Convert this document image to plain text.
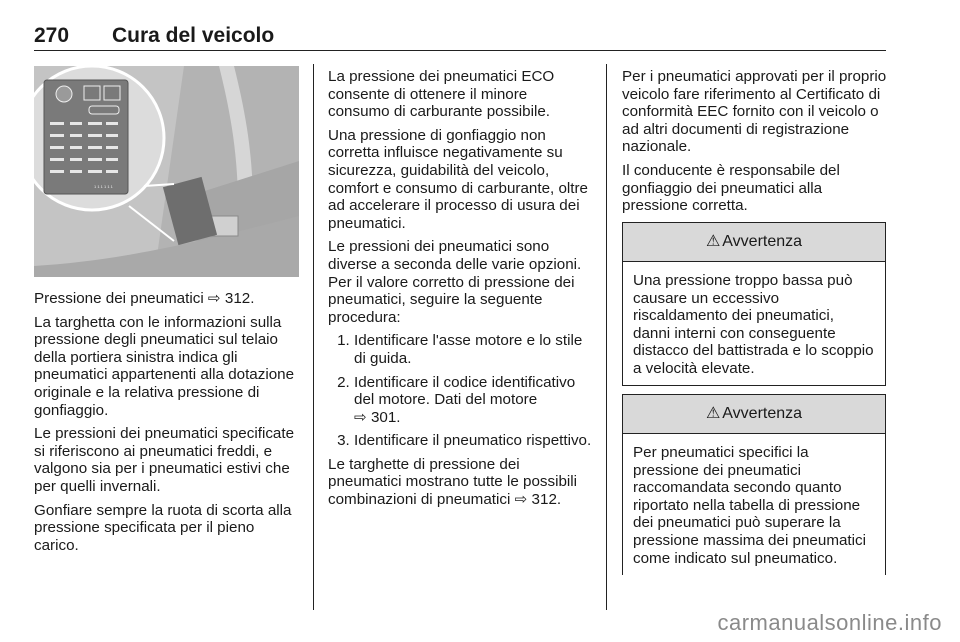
270 Cura del veicolo
1 1 1 1 1 1

Pressione dei pneumatici ⇨ 312.

La targhetta con le informazioni sulla pressione degli pneumatici sul telaio della portiera sinistra indica gli pneumatici appartenenti alla dotazione originale e la relativa pressione di gonfiaggio.

Le pressioni dei pneumatici specificate si riferiscono ai pneumatici freddi, e valgono sia per i pneumatici estivi che per quelli invernali.

Gonfiare sempre la ruota di scorta alla pressione specificata per il pieno carico.

La pressione dei pneumatici ECO consente di ottenere il minore consumo di carburante possibile.

Una pressione di gonfiaggio non corretta influisce negativamente su sicurezza, guidabilità del veicolo, comfort e consumo di carburante, oltre ad accelerare il processo di usura dei pneumatici.

Le pressioni dei pneumatici sono diverse a seconda delle varie opzioni. Per il valore corretto di pressione dei pneumatici, seguire la seguente procedura:

1. Identificare l'asse motore e lo stile di guida.
2. Identificare il codice identificativo del motore. Dati del motore
⇨ 301.
3. Identificare il pneumatico rispettivo.

Le targhette di pressione dei pneumatici mostrano tutte le possibili combinazioni di pneumatici ⇨ 312.

Per i pneumatici approvati per il proprio veicolo fare riferimento al Certificato di conformità EEC fornito con il veicolo o ad altri documenti di registrazione nazionale.

Il conducente è responsabile del gonfiaggio dei pneumatici alla pressione corretta.

⚠ Avvertenza
Una pressione troppo bassa può causare un eccessivo riscaldamento dei pneumatici, danni interni con conseguente distacco del battistrada e lo scoppio a velocità elevate.
⚠ Avvertenza
Per pneumatici specifici la pressione dei pneumatici raccomandata secondo quanto riportato nella tabella di pressione dei pneumatici può superare la pressione massima dei pneumatici come indicato sul pneumatico.
carmanualsonline.info
